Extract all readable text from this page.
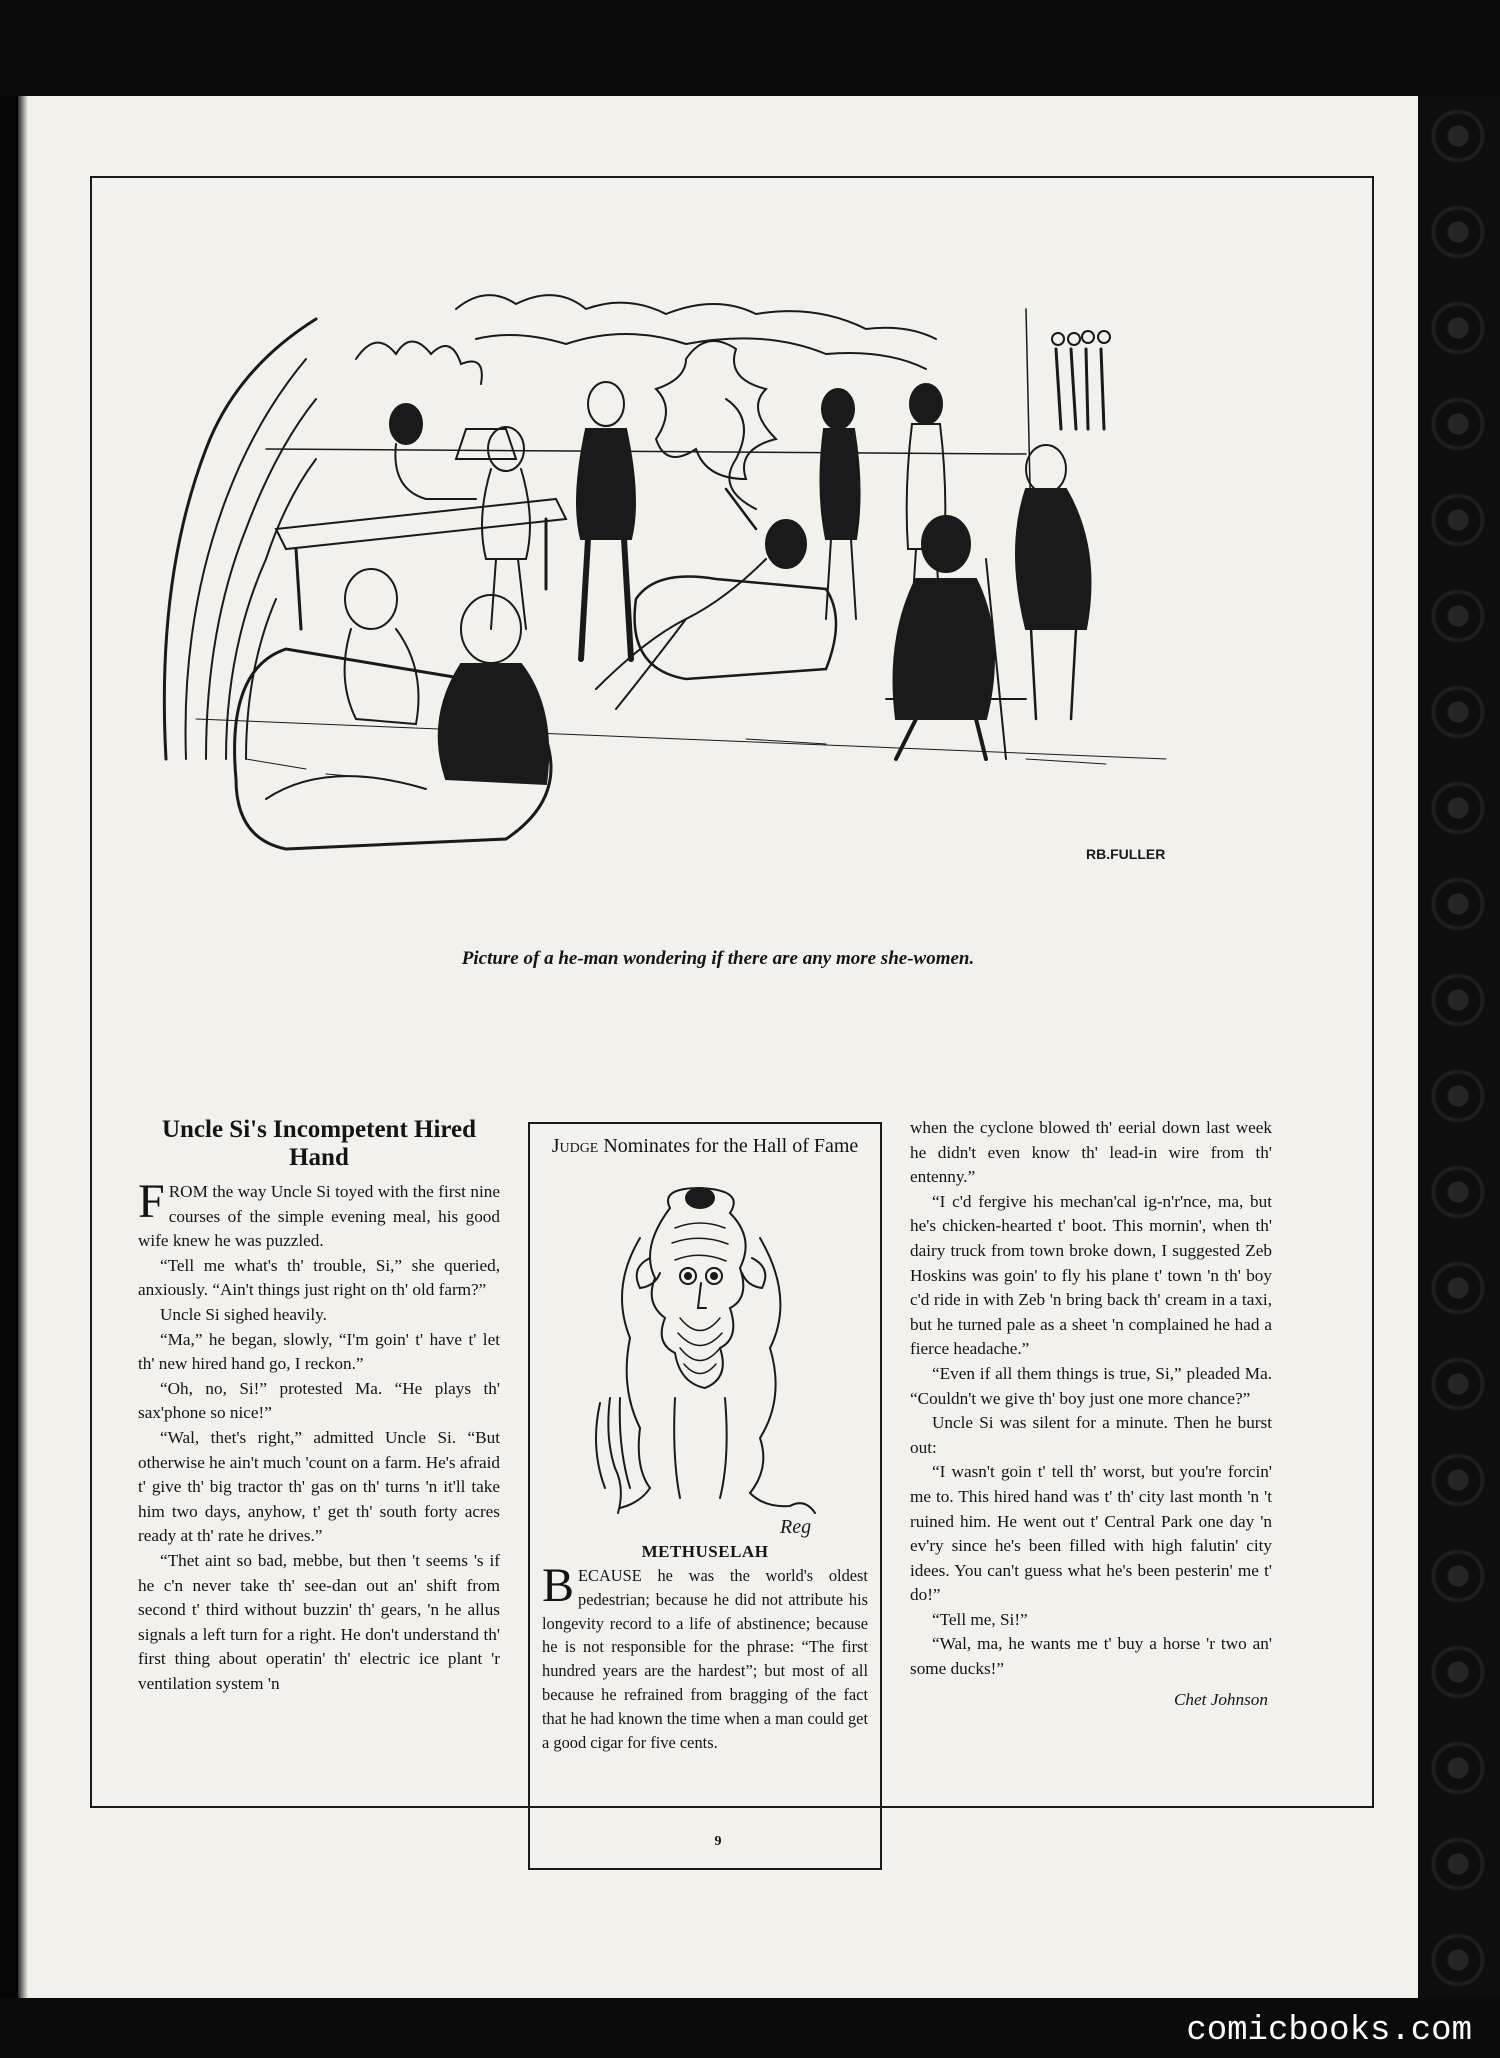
RB.FULLER
Picture of a he-man wondering if there are any more she-women.
Uncle Si's Incompetent Hired Hand

FROM the way Uncle Si toyed with the first nine courses of the simple evening meal, his good wife knew he was puzzled.

“Tell me what's th' trouble, Si,” she queried, anxiously. “Ain't things just right on th' old farm?”

Uncle Si sighed heavily.

“Ma,” he began, slowly, “I'm goin' t' have t' let th' new hired hand go, I reckon.”

“Oh, no, Si!” protested Ma. “He plays th' sax'phone so nice!”

“Wal, thet's right,” admitted Uncle Si. “But otherwise he ain't much 'count on a farm. He's afraid t' give th' big tractor th' gas on th' turns 'n it'll take him two days, anyhow, t' get th' south forty acres ready at th' rate he drives.”

“Thet aint so bad, mebbe, but then 't seems 's if he c'n never take th' see-dan out an' shift from second t' third without buzzin' th' gears, 'n he allus signals a left turn for a right. He don't understand th' first thing about operatin' th' electric ice plant 'r ventilation system 'n

Judge Nominates for the Hall of Fame
Reg
METHUSELAH
BECAUSE he was the world's oldest pedestrian; because he did not attribute his longevity record to a life of abstinence; because he is not responsible for the phrase: “The first hundred years are the hardest”; but most of all because he refrained from bragging of the fact that he had known the time when a man could get a good cigar for five cents.

when the cyclone blowed th' eerial down last week he didn't even know th' lead-in wire from th' entenny.”

“I c'd fergive his mechan'cal ig-n'r'nce, ma, but he's chicken-hearted t' boot. This mornin', when th' dairy truck from town broke down, I suggested Zeb Hoskins was goin' to fly his plane t' town 'n th' boy c'd ride in with Zeb 'n bring back th' cream in a taxi, but he turned pale as a sheet 'n complained he had a fierce headache.”

“Even if all them things is true, Si,” pleaded Ma. “Couldn't we give th' boy just one more chance?”

Uncle Si was silent for a minute. Then he burst out:

“I wasn't goin t' tell th' worst, but you're forcin' me to. This hired hand was t' th' city last month 'n 't ruined him. He went out t' Central Park one day 'n ev'ry since he's been filled with high falutin' city idees. You can't guess what he's been pesterin' me t' do!”

“Tell me, Si!”

“Wal, ma, he wants me t' buy a horse 'r two an' some ducks!”

Chet Johnson
9
comicbooks.com
